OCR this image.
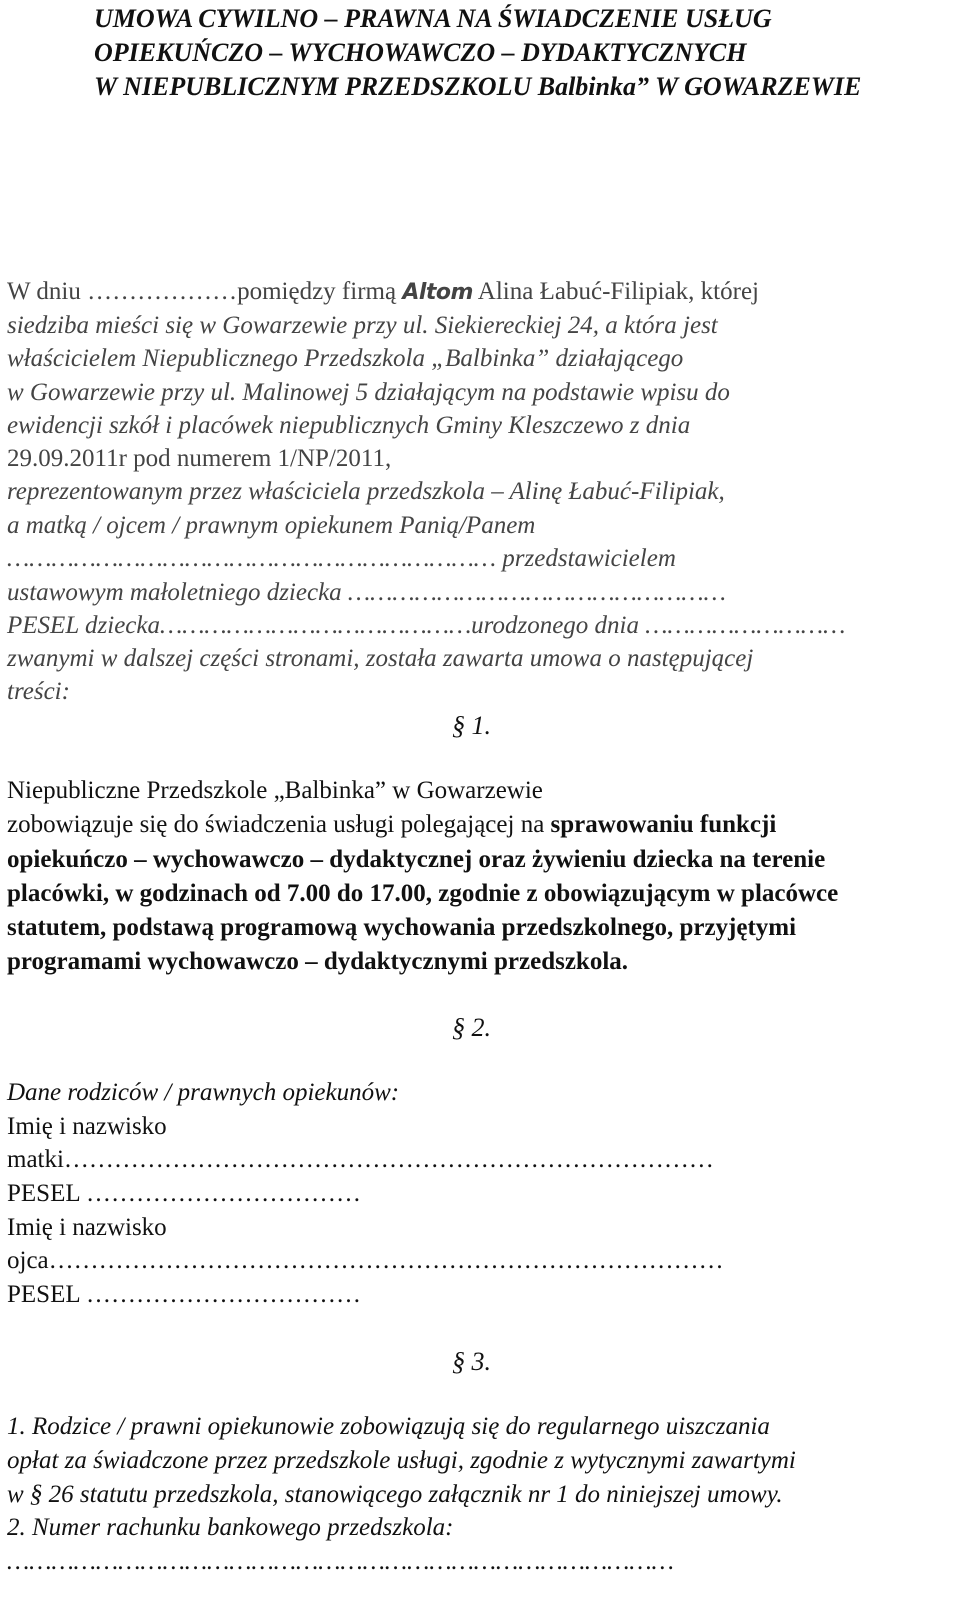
UMOWA CYWILNO – PRAWNA NA ŚWIADCZENIE USŁUG
OPIEKUŃCZO – WYCHOWAWCZO – DYDAKTYCZNYCH
W NIEPUBLICZNYM PRZEDSZKOLU Balbinka” W GOWARZEWIE
W dniu ………………pomiędzy firmą Altom Alina Łabuć-Filipiak, której
siedziba mieści się w Gowarzewie przy ul. Siekiereckiej 24, a która jest
właścicielem Niepublicznego Przedszkola „Balbinka” działającego
w Gowarzewie przy ul. Malinowej 5 działającym na podstawie wpisu do
ewidencji szkół i placówek niepublicznych Gminy Kleszczewo z dnia
29.09.2011r pod numerem 1/NP/2011,
reprezentowanym przez właściciela przedszkola – Alinę Łabuć-Filipiak,
a matką / ojcem / prawnym opiekunem Panią/Panem
………………………………………………………… przedstawicielem
ustawowym małoletniego dziecka ……………………………………………
PESEL dziecka……………………………………urodzonego dnia ………………………
zwanymi w dalszej części stronami, została zawarta umowa o następującej
treści:
§ 1.
Niepubliczne Przedszkole „Balbinka” w Gowarzewie
zobowiązuje się do świadczenia usługi polegającej na sprawowaniu funkcji
opiekuńczo – wychowawczo – dydaktycznej oraz żywieniu dziecka na terenie
placówki, w godzinach od 7.00 do 17.00, zgodnie z obowiązującym w placówce
statutem, podstawą programową wychowania przedszkolnego, przyjętymi
programami wychowawczo – dydaktycznymi przedszkola.
§ 2.
Dane rodziców / prawnych opiekunów:
Imię i nazwisko
matki……………………………………………………………………
PESEL ……………………………
Imię i nazwisko
ojca………………………………………………………………………
PESEL ……………………………
§ 3.
1. Rodzice / prawni opiekunowie zobowiązują się do regularnego uiszczania
opłat za świadczone przez przedszkole usługi, zgodnie z wytycznymi zawartymi
w § 26 statutu przedszkola, stanowiącego załącznik nr 1 do niniejszej umowy.
2. Numer rachunku bankowego przedszkola:
………………………………………………………………………………
